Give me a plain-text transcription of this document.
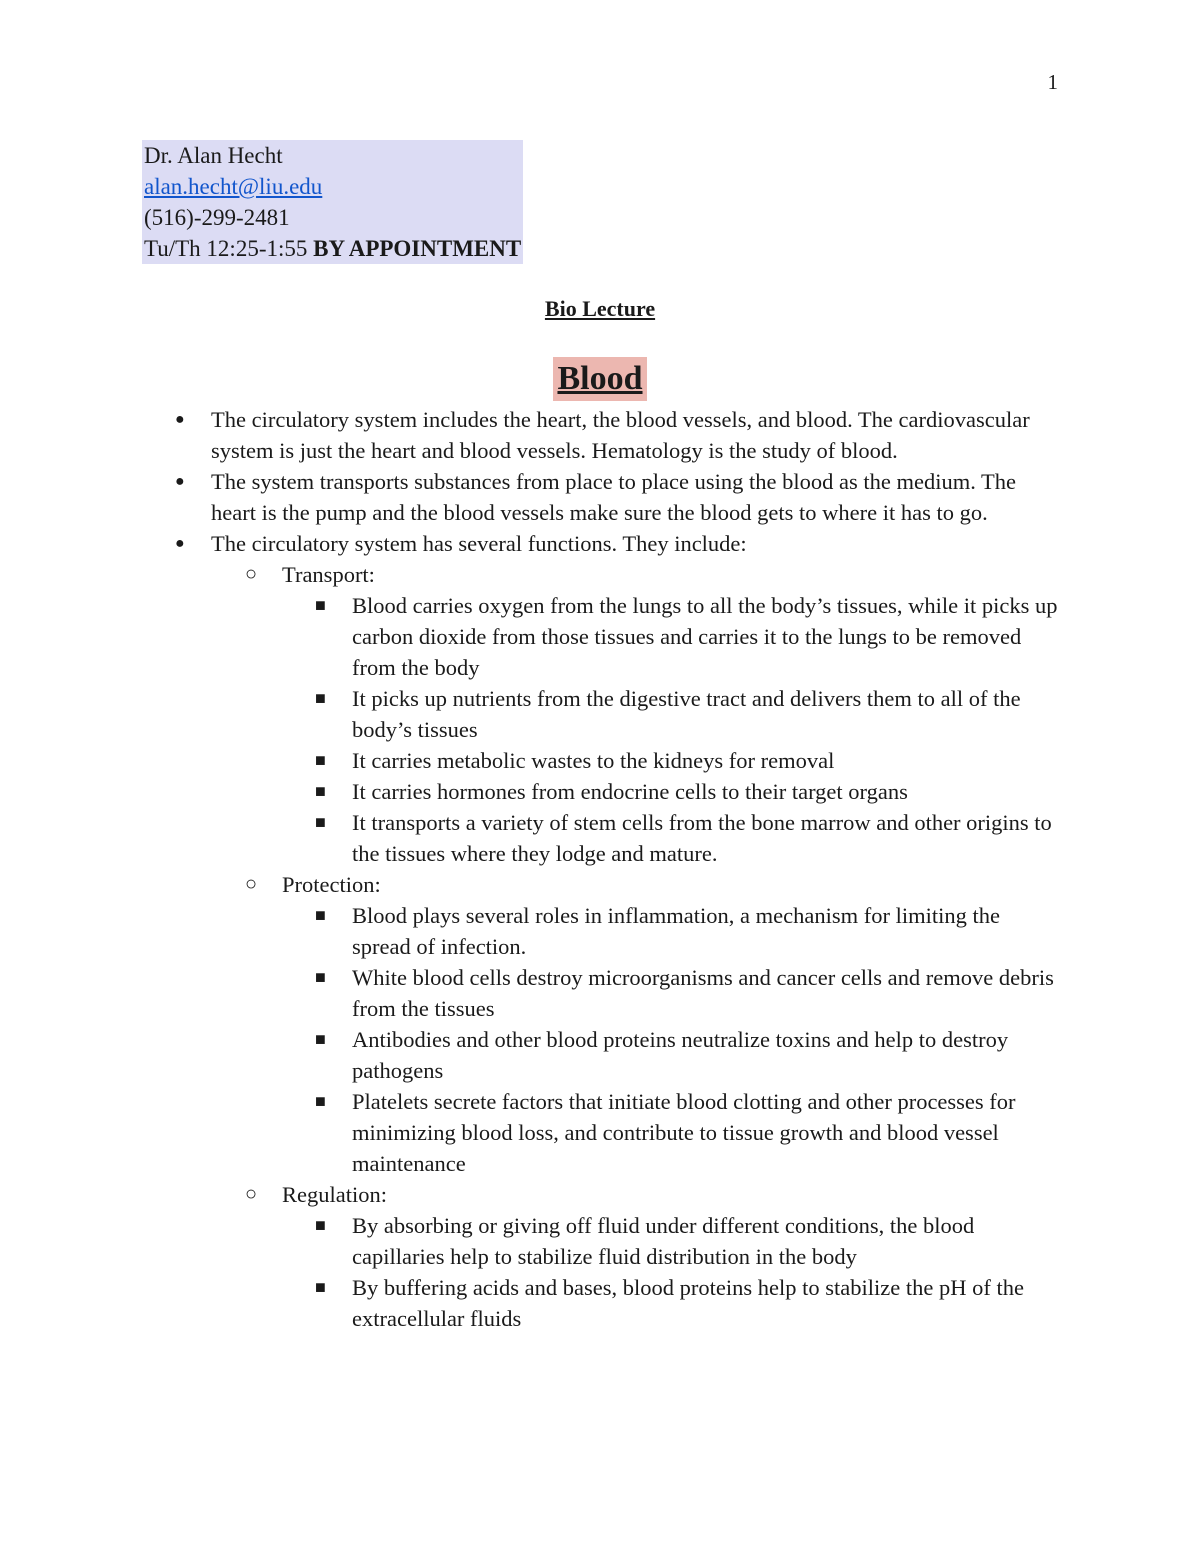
1
Dr. Alan Hecht
alan.hecht@liu.edu
(516)-299-2481
Tu/Th 12:25-1:55 BY APPOINTMENT
Bio Lecture
Blood
● The circulatory system includes the heart, the blood vessels, and blood. The cardiovascular system is just the heart and blood vessels. Hematology is the study of blood.
● The system transports substances from place to place using the blood as the medium. The heart is the pump and the blood vessels make sure the blood gets to where it has to go.
● The circulatory system has several functions. They include:
○ Transport:
■ Blood carries oxygen from the lungs to all the body’s tissues, while it picks up carbon dioxide from those tissues and carries it to the lungs to be removed from the body
■ It picks up nutrients from the digestive tract and delivers them to all of the body’s tissues
■ It carries metabolic wastes to the kidneys for removal
■ It carries hormones from endocrine cells to their target organs
■ It transports a variety of stem cells from the bone marrow and other origins to the tissues where they lodge and mature.
○ Protection:
■ Blood plays several roles in inflammation, a mechanism for limiting the spread of infection.
■ White blood cells destroy microorganisms and cancer cells and remove debris from the tissues
■ Antibodies and other blood proteins neutralize toxins and help to destroy pathogens
■ Platelets secrete factors that initiate blood clotting and other processes for minimizing blood loss, and contribute to tissue growth and blood vessel maintenance
○ Regulation:
■ By absorbing or giving off fluid under different conditions, the blood capillaries help to stabilize fluid distribution in the body
■ By buffering acids and bases, blood proteins help to stabilize the pH of the extracellular fluids
